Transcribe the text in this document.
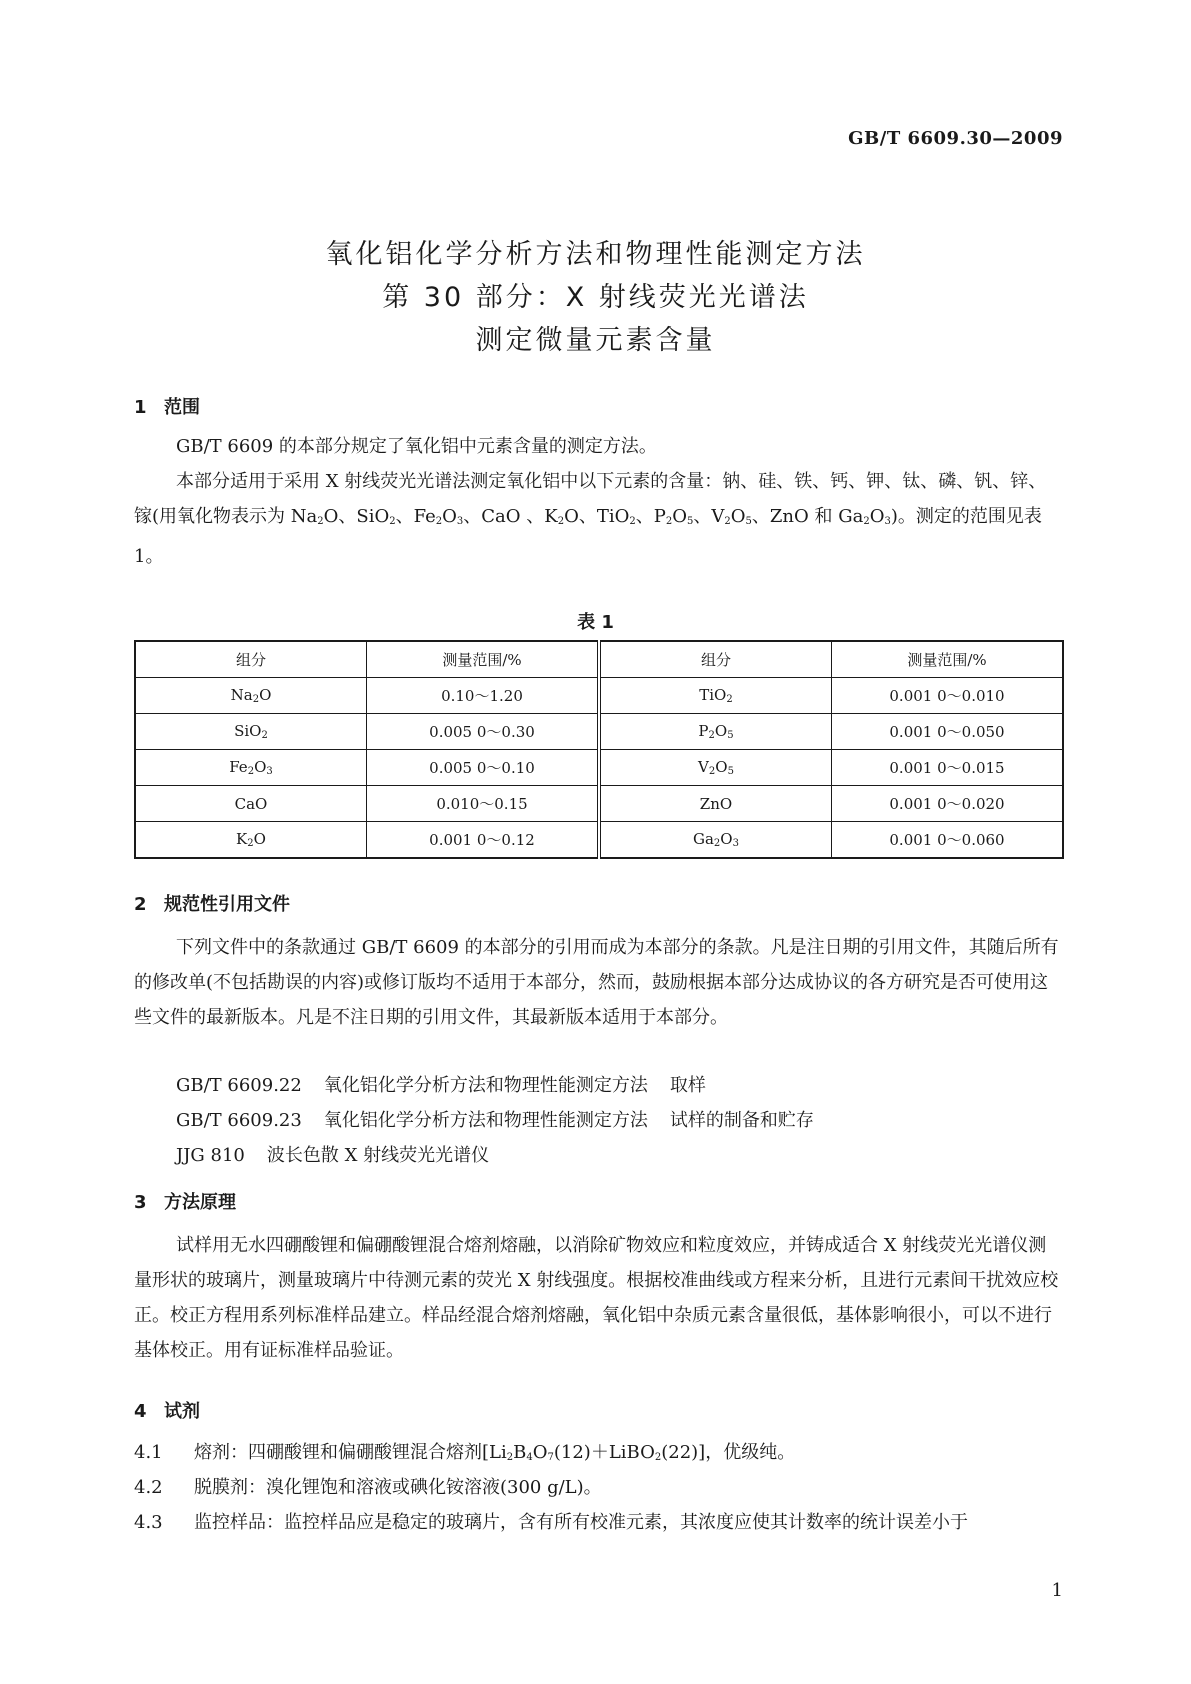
GB/T 6609.30—2009
氧化铝化学分析方法和物理性能测定方法
第 30 部分：X 射线荧光光谱法
测定微量元素含量
1 范围
GB/T 6609 的本部分规定了氧化铝中元素含量的测定方法。
本部分适用于采用 X 射线荧光光谱法测定氧化铝中以下元素的含量：钠、硅、铁、钙、钾、钛、磷、钒、锌、镓(用氧化物表示为 $Na_2O$、SiO$_2$、$Fe_2O_3$、CaO 、$K_2O$、TiO$_2$、$P_2O_5$、$V_2O_5$、ZnO 和 $Ga_2O_3$)。测定的范围见表 1。
表 1
组分	测量范围/%	组分	测量范围/%
$Na_2O$	0.10～1.20	TiO$_2$	0.001 0～0.010
SiO$_2$	0.005 0～0.30	$P_2O_5$	0.001 0～0.050
$Fe_2O_3$	0.005 0～0.10	$V_2O_5$	0.001 0～0.015
CaO	0.010～0.15	ZnO	0.001 0～0.020
$K_2O$	0.001 0～0.12	$Ga_2O_3$	0.001 0～0.060
2 规范性引用文件
下列文件中的条款通过 GB/T 6609 的本部分的引用而成为本部分的条款。凡是注日期的引用文件，其随后所有的修改单(不包括勘误的内容)或修订版均不适用于本部分，然而，鼓励根据本部分达成协议的各方研究是否可使用这些文件的最新版本。凡是不注日期的引用文件，其最新版本适用于本部分。
GB/T 6609.22 氧化铝化学分析方法和物理性能测定方法 取样
GB/T 6609.23 氧化铝化学分析方法和物理性能测定方法 试样的制备和贮存
JJG 810 波长色散 X 射线荧光光谱仪
3 方法原理
试样用无水四硼酸锂和偏硼酸锂混合熔剂熔融，以消除矿物效应和粒度效应，并铸成适合 X 射线荧光光谱仪测量形状的玻璃片，测量玻璃片中待测元素的荧光 X 射线强度。根据校准曲线或方程来分析，且进行元素间干扰效应校正。校正方程用系列标准样品建立。样品经混合熔剂熔融，氧化铝中杂质元素含量很低，基体影响很小，可以不进行基体校正。用有证标准样品验证。
4 试剂
4.1 熔剂：四硼酸锂和偏硼酸锂混合熔剂$[Li_2B_4O_7(12)+LiBO_2(22)]$，优级纯。
4.2 脱膜剂：溴化锂饱和溶液或碘化铵溶液(300 g/L)。
4.3 监控样品：监控样品应是稳定的玻璃片，含有所有校准元素，其浓度应使其计数率的统计误差小于
1
